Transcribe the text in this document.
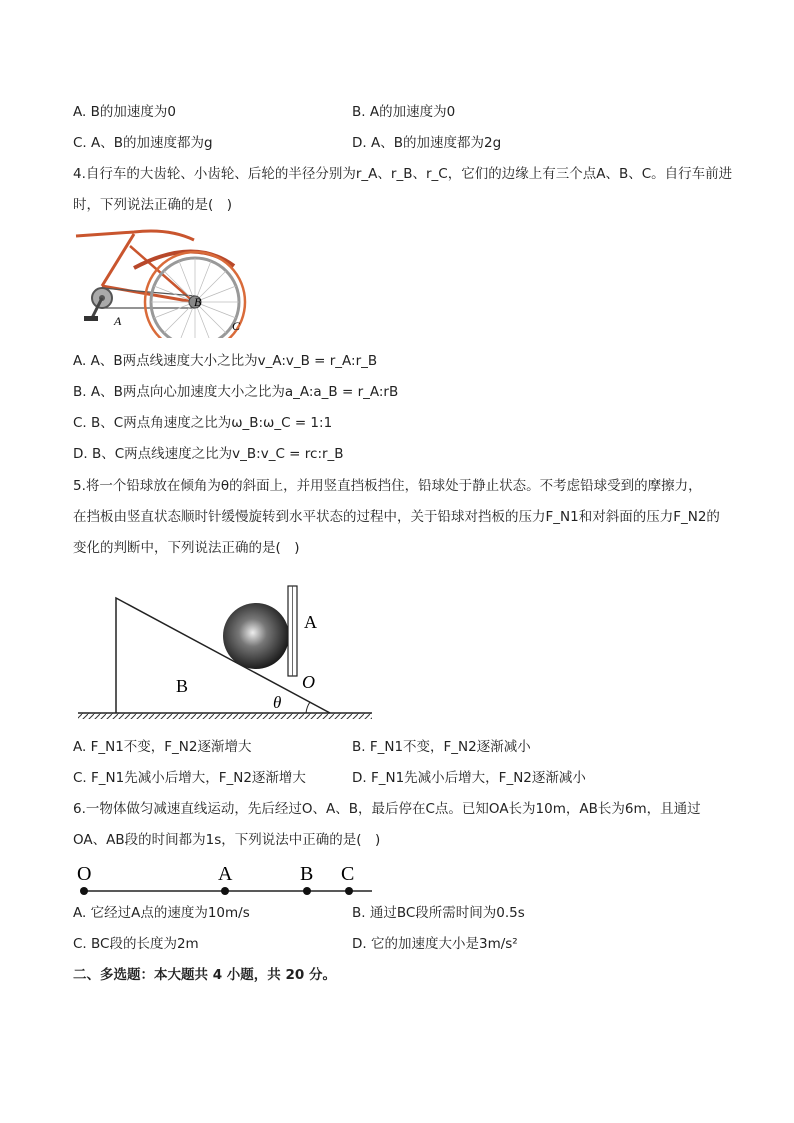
A. B的加速度为0	B. A的加速度为0
C. A、B的加速度都为g	D. A、B的加速度都为2g
4.自行车的大齿轮、小齿轮、后轮的半径分别为r_A、r_B、r_C，它们的边缘上有三个点A、B、C。自行车前进
时，下列说法正确的是(　)
A
B
C
A. A、B两点线速度大小之比为v_A:v_B = r_A:r_B
B. A、B两点向心加速度大小之比为a_A:a_B = r_A:rB
C. B、C两点角速度之比为ω_B:ω_C = 1:1
D. B、C两点线速度之比为v_B:v_C = rc:r_B
5.将一个铅球放在倾角为θ的斜面上，并用竖直挡板挡住，铅球处于静止状态。不考虑铅球受到的摩擦力，
在挡板由竖直状态顺时针缓慢旋转到水平状态的过程中，关于铅球对挡板的压力F_N1和对斜面的压力F_N2的
变化的判断中，下列说法正确的是(　)
A
B	O
θ
A. F_N1不变，F_N2逐渐增大	B. F_N1不变，F_N2逐渐减小
C. F_N1先减小后增大，F_N2逐渐增大	D. F_N1先减小后增大，F_N2逐渐减小
6.一物体做匀减速直线运动，先后经过O、A、B，最后停在C点。已知OA长为10m，AB长为6m，且通过
OA、AB段的时间都为1s，下列说法中正确的是(　)
O	A	B C
A. 它经过A点的速度为10m/s	B. 通过BC段所需时间为0.5s
C. BC段的长度为2m	D. 它的加速度大小是3m/s²
二、多选题：本大题共 4 小题，共 20 分。
